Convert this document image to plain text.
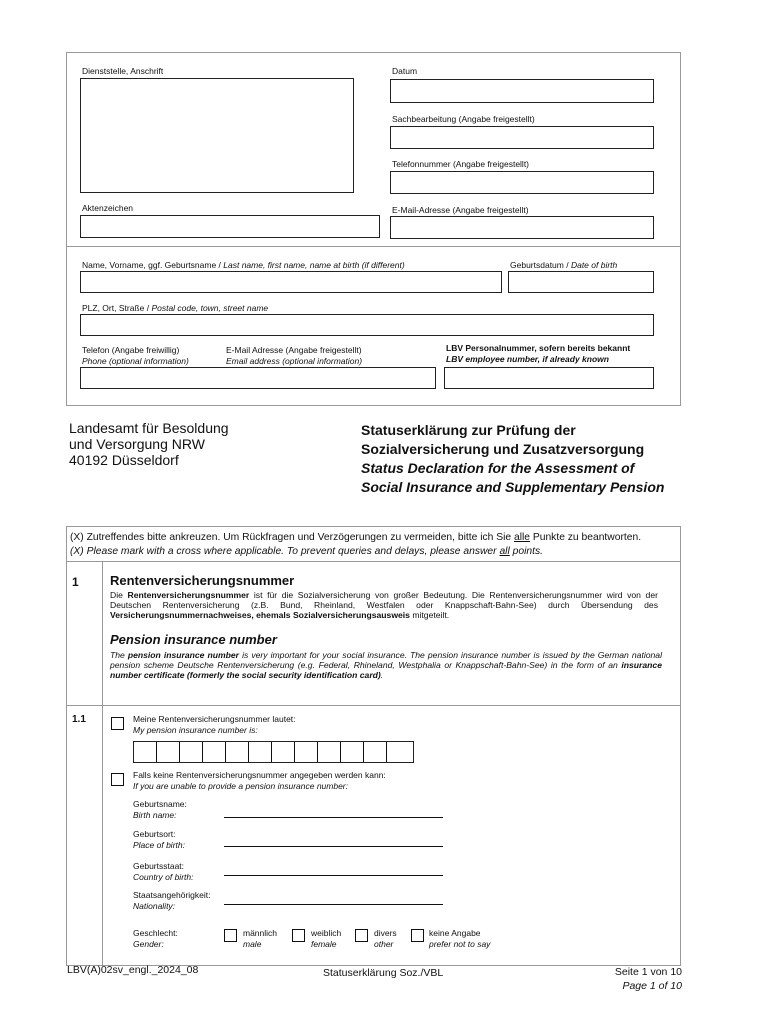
Dienststelle, Anschrift	Datum
Sachbearbeitung (Angabe freigestellt)
Telefonnummer (Angabe freigestellt)
Aktenzeichen	E-Mail-Adresse (Angabe freigestellt)
Name, Vorname, ggf. Geburtsname / Last name, first name, name at birth (if different)	Geburtsdatum / Date of birth
PLZ, Ort, Straße / Postal code, town, street name
Telefon (Angabe freiwillig)
Phone (optional information)
E-Mail Adresse (Angabe freigestellt)
Email address (optional information)
LBV Personalnummer, sofern bereits bekannt
LBV employee number, if already known
Landesamt für Besoldung
und Versorgung NRW
40192 Düsseldorf
Statuserklärung zur Prüfung der
Sozialversicherung und Zusatzversorgung
Status Declaration for the Assessment of
Social Insurance and Supplementary Pension
(X) Zutreffendes bitte ankreuzen. Um Rückfragen und Verzögerungen zu vermeiden, bitte ich Sie alle Punkte zu beantworten.
(X) Please mark with a cross where applicable. To prevent queries and delays, please answer all points.
1 Rentenversicherungsnummer
Die Rentenversicherungsnummer ist für die Sozialversicherung von großer Bedeutung. Die Rentenversicherungsnummer wird von der Deutschen Rentenversicherung (z.B. Bund, Rheinland, Westfalen oder Knappschaft-Bahn-See) durch Übersendung des Versicherungsnummernachweises, ehemals Sozialversicherungsausweis mitgeteilt.
Pension insurance number
The pension insurance number is very important for your social insurance. The pension insurance number is issued by the German national pension scheme Deutsche Rentenversicherung (e.g. Federal, Rhineland, Westphalia or Knappschaft-Bahn-See) in the form of an insurance number certificate (formerly the social security identification card).
1.1	Meine Rentenversicherungsnummer lautet:
My pension insurance number is:
Falls keine Rentenversicherungsnummer angegeben werden kann:
If you are unable to provide a pension insurance number:
Geburtsname:
Birth name:
Geburtsort:
Place of birth:
Geburtsstaat:
Country of birth:
Staatsangehörigkeit:
Nationality:
Geschlecht:
Gender:
männlich
male
weiblich
female
divers
other
keine Angabe
prefer not to say
LBV(A)02sv_engl._2024_08	Statuserklärung Soz./VBL	Seite 1 von 10
Page 1 of 10
